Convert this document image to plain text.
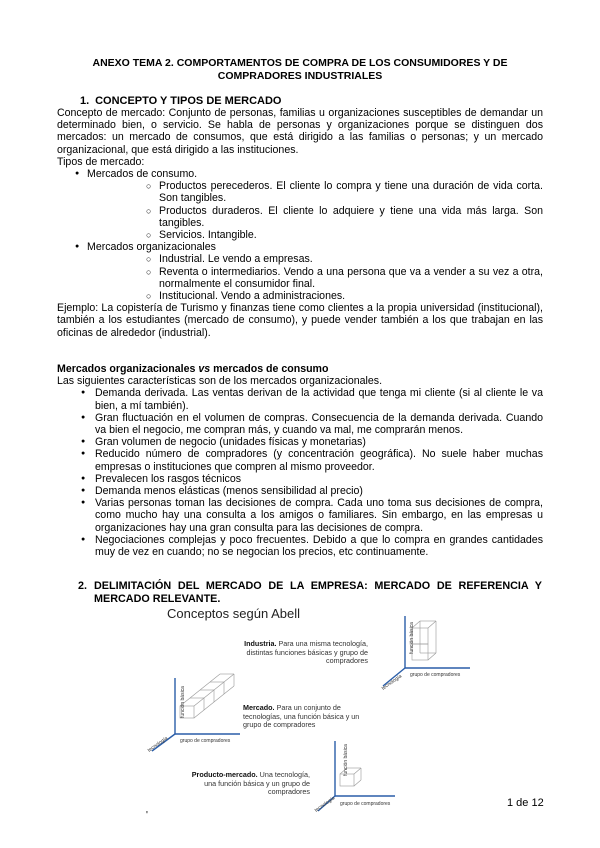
ANEXO TEMA 2. COMPORTAMENTOS DE COMPRA DE LOS CONSUMIDORES Y DE COMPRADORES INDUSTRIALES
1. CONCEPTO Y TIPOS DE MERCADO

Concepto de mercado: Conjunto de personas, familias u organizaciones susceptibles de demandar un determinado bien, o servicio. Se habla de personas y organizaciones porque se distinguen dos mercados: un mercado de consumos, que está dirigido a las familias o personas; y un mercado organizacional, que está dirigido a las instituciones.

Tipos de mercado:
● Mercados de consumo.
○ Productos perecederos. El cliente lo compra y tiene una duración de vida corta. Son tangibles.
○ Productos duraderos. El cliente lo adquiere y tiene una vida más larga. Son tangibles.
○ Servicios. Intangible.
● Mercados organizacionales
○ Industrial. Le vendo a empresas.
○ Reventa o intermediarios. Vendo a una persona que va a vender a su vez a otra, normalmente el consumidor final.
○ Institucional. Vendo a administraciones.

Ejemplo: La copistería de Turismo y finanzas tiene como clientes a la propia universidad (institucional), también a los estudiantes (mercado de consumo), y puede vender también a los que trabajan en las oficinas de alrededor (industrial).

Mercados organizacionales vs mercados de consumo
Las siguientes características son de los mercados organizacionales.
● Demanda derivada. Las ventas derivan de la actividad que tenga mi cliente (si al cliente le va bien, a mí también).
● Gran fluctuación en el volumen de compras. Consecuencia de la demanda derivada. Cuando va bien el negocio, me compran más, y cuando va mal, me comprarán menos.
● Gran volumen de negocio (unidades físicas y monetarias)
● Reducido número de compradores (y concentración geográfica). No suele haber muchas empresas o instituciones que compren al mismo proveedor.
● Prevalecen los rasgos técnicos
● Demanda menos elásticas (menos sensibilidad al precio)
● Varias personas toman las decisiones de compra. Cada uno toma sus decisiones de compra, como mucho hay una consulta a los amigos o familiares. Sin embargo, en las empresas u organizaciones hay una gran consulta para las decisiones de compra.
● Negociaciones complejas y poco frecuentes. Debido a que lo compra en grandes cantidades muy de vez en cuando; no se negocian los precios, etc continuamente.
2. DELIMITACIÓN DEL MERCADO DE LA EMPRESA: MERCADO DE REFERENCIA Y MERCADO RELEVANTE.
Conceptos según Abell
función básica
grupo de compradores
tecnología
función básica
grupo de compradores
tecnología	función básica
grupo de compradores
tecnología
Industria. Para una misma tecnología, distintas funciones básicas y grupo de compradores
Mercado. Para un conjunto de tecnologías, una función básica y un grupo de compradores
Producto-mercado. Una tecnología, una función básica y un grupo de compradores
1 de 12
'
